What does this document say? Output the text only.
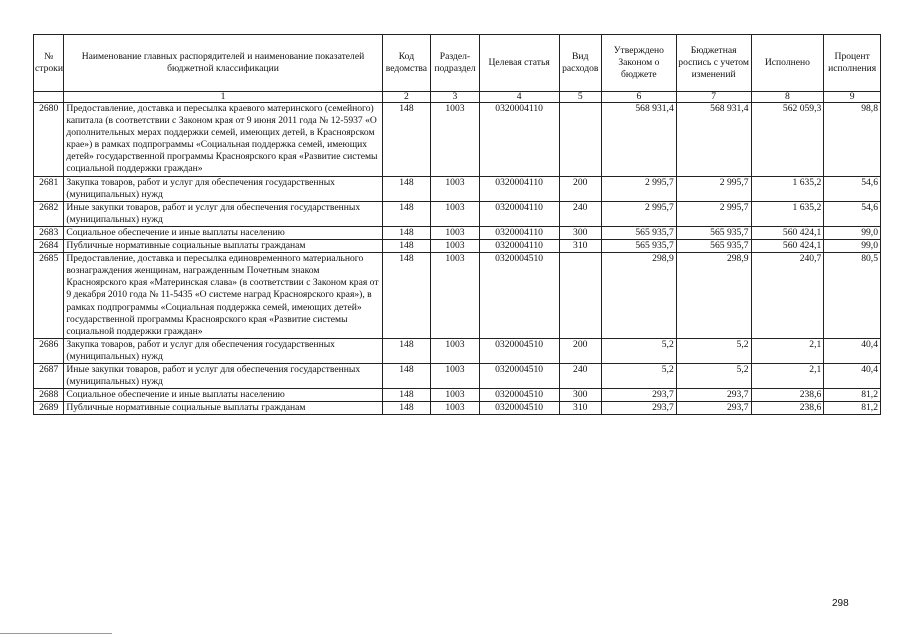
№ строки	Наименование главных распорядителей и наименование показателей бюджетной классификации	Код ведомства	Раздел-подраздел	Целевая статья	Вид расходов	Утверждено Законом о бюджете	Бюджетная роспись с учетом изменений	Исполнено	Процент исполнения
	1	2	3	4	5	6	7	8	9
2680	Предоставление, доставка и пересылка краевого материнского (семейного) капитала (в соответствии с Законом края от 9 июня 2011 года № 12-5937 «О дополнительных мерах поддержки семей, имеющих детей, в Красноярском крае») в рамках подпрограммы «Социальная поддержка семей, имеющих детей» государственной программы Красноярского края «Развитие системы социальной поддержки граждан»	148	1003	0320004110		568 931,4	568 931,4	562 059,3	98,8
2681	Закупка товаров, работ и услуг для обеспечения государственных (муниципальных) нужд	148	1003	0320004110	200	2 995,7	2 995,7	1 635,2	54,6
2682	Иные закупки товаров, работ и услуг для обеспечения государственных (муниципальных) нужд	148	1003	0320004110	240	2 995,7	2 995,7	1 635,2	54,6
2683	Социальное обеспечение и иные выплаты населению	148	1003	0320004110	300	565 935,7	565 935,7	560 424,1	99,0
2684	Публичные нормативные социальные выплаты гражданам	148	1003	0320004110	310	565 935,7	565 935,7	560 424,1	99,0
2685	Предоставление, доставка и пересылка единовременного материального вознаграждения женщинам, награжденным Почетным знаком Красноярского края «Материнская слава» (в соответствии с Законом края от 9 декабря 2010 года № 11-5435 «О системе наград Красноярского края»), в рамках подпрограммы «Социальная поддержка семей, имеющих детей» государственной программы Красноярского края «Развитие системы социальной поддержки граждан»	148	1003	0320004510		298,9	298,9	240,7	80,5
2686	Закупка товаров, работ и услуг для обеспечения государственных (муниципальных) нужд	148	1003	0320004510	200	5,2	5,2	2,1	40,4
2687	Иные закупки товаров, работ и услуг для обеспечения государственных (муниципальных) нужд	148	1003	0320004510	240	5,2	5,2	2,1	40,4
2688	Социальное обеспечение и иные выплаты населению	148	1003	0320004510	300	293,7	293,7	238,6	81,2
2689	Публичные нормативные социальные выплаты гражданам	148	1003	0320004510	310	293,7	293,7	238,6	81,2
298
